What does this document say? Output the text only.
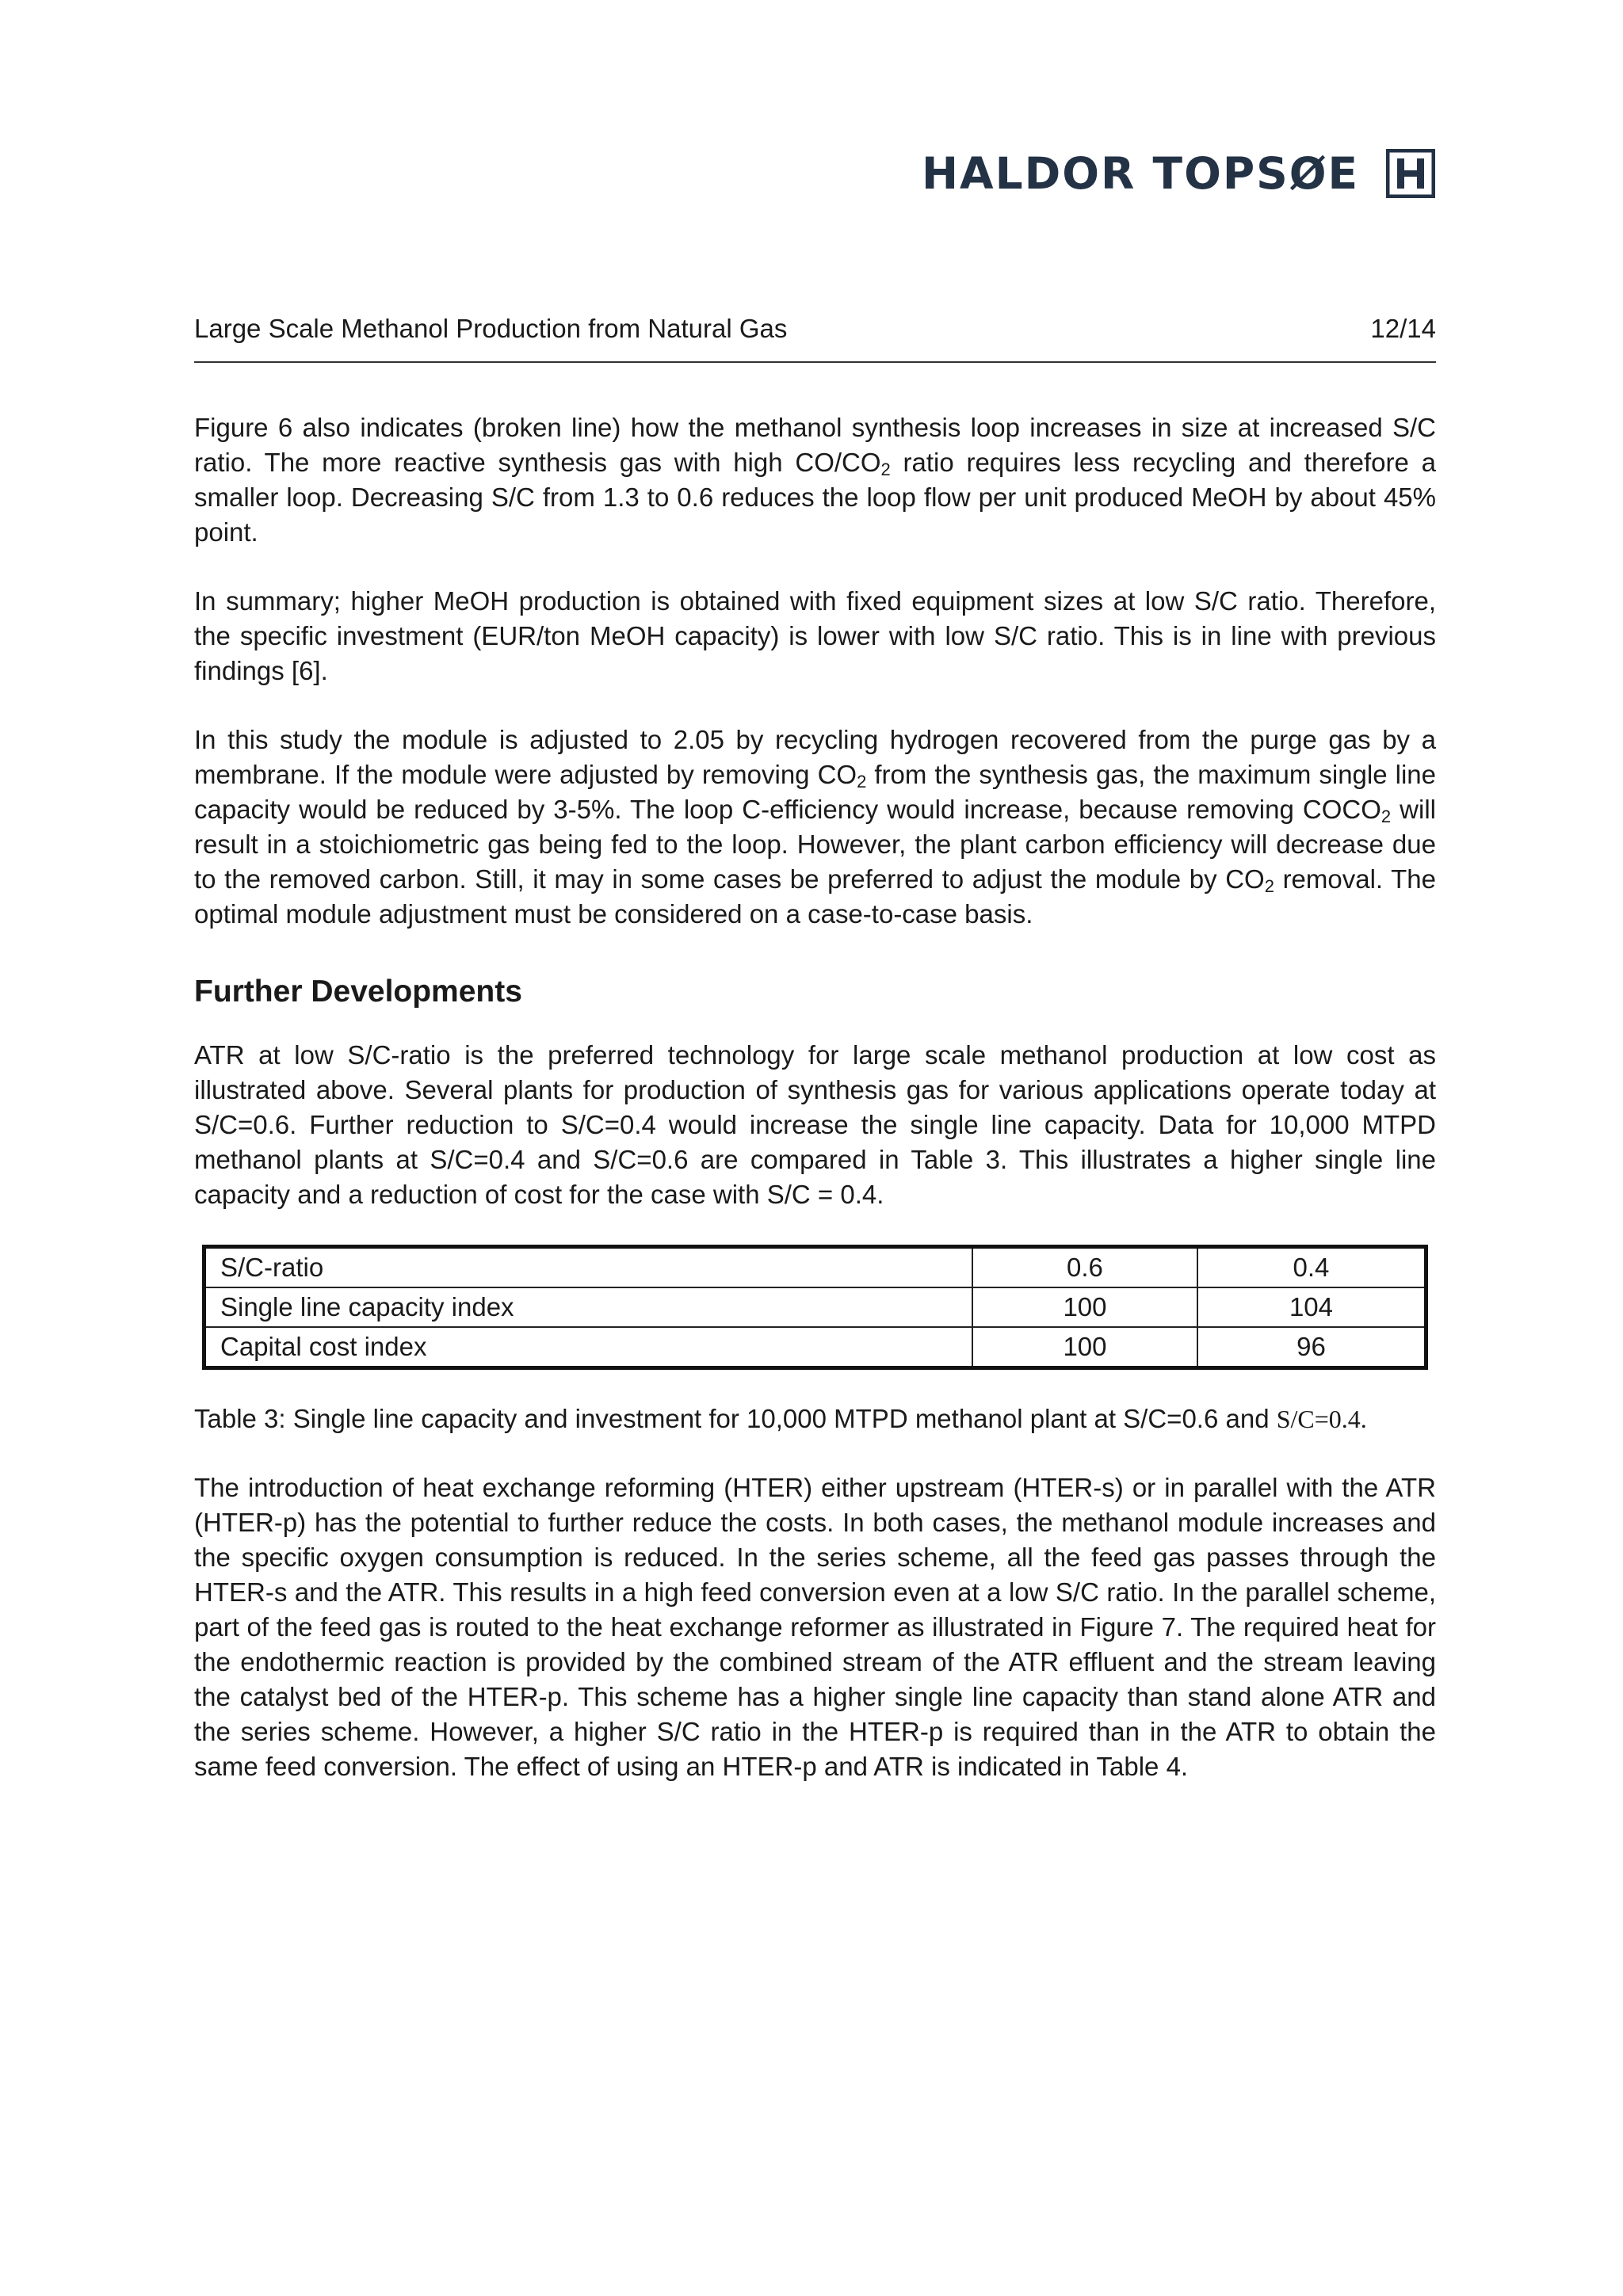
HALDOR TOPSØE	H
Large Scale Methanol Production from Natural Gas	12/14

Figure 6 also indicates (broken line) how the methanol synthesis loop increases in size at increased S/C ratio. The more reactive synthesis gas with high $CO/CO_2$ ratio requires less recycling and therefore a smaller loop. Decreasing S/C from 1.3 to 0.6 reduces the loop flow per unit produced MeOH by about 45% point.

In summary; higher MeOH production is obtained with fixed equipment sizes at low S/C ratio. Therefore, the specific investment (EUR/ton MeOH capacity) is lower with low S/C ratio. This is in line with previous findings [6].

In this study the module is adjusted to 2.05 by recycling hydrogen recovered from the purge gas by a membrane. If the module were adjusted by removing $CO_2$ from the synthesis gas, the maximum single line capacity would be reduced by 3-5%. The loop C-efficiency would increase, because removing $COCO_2$ will result in a stoichiometric gas being fed to the loop. However, the plant carbon efficiency will decrease due to the removed carbon. Still, it may in some cases be preferred to adjust the module by $CO_2$ removal. The optimal module adjustment must be considered on a case-to-case basis.

Further Developments

ATR at low S/C-ratio is the preferred technology for large scale methanol production at low cost as illustrated above. Several plants for production of synthesis gas for various applications operate today at S/C=0.6. Further reduction to S/C=0.4 would increase the single line capacity. Data for 10,000 MTPD methanol plants at S/C=0.4 and S/C=0.6 are compared in Table 3. This illustrates a higher single line capacity and a reduction of cost for the case with S/C = 0.4.

S/C-ratio	0.6	0.4
Single line capacity index	100	104
Capital cost index	100	96

Table 3: Single line capacity and investment for 10,000 MTPD methanol plant at S/C=0.6 and S/C=0.4.

The introduction of heat exchange reforming (HTER) either upstream (HTER-s) or in parallel with the ATR (HTER-p) has the potential to further reduce the costs. In both cases, the methanol module increases and the specific oxygen consumption is reduced. In the series scheme, all the feed gas passes through the HTER-s and the ATR. This results in a high feed conversion even at a low S/C ratio. In the parallel scheme, part of the feed gas is routed to the heat exchange reformer as illustrated in Figure 7. The required heat for the endothermic reaction is provided by the combined stream of the ATR effluent and the stream leaving the catalyst bed of the HTER-p. This scheme has a higher single line capacity than stand alone ATR and the series scheme. However, a higher S/C ratio in the HTER-p is required than in the ATR to obtain the same feed conversion. The effect of using an HTER-p and ATR is indicated in Table 4.
